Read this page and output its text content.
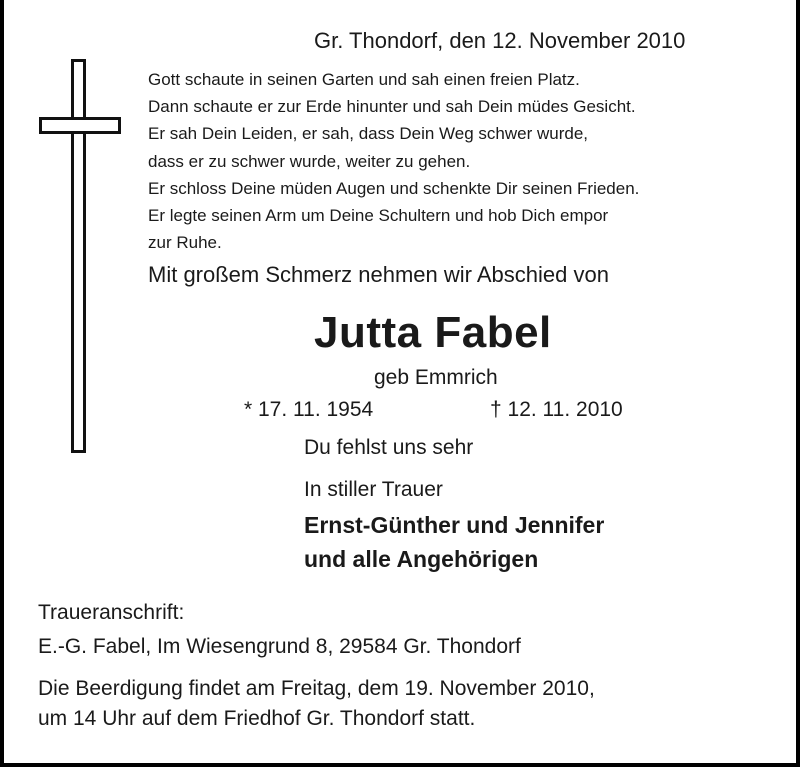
Gr. Thondorf, den 12. November 2010
Gott schaute in seinen Garten und sah einen freien Platz.
Dann schaute er zur Erde hinunter und sah Dein müdes Gesicht.
Er sah Dein Leiden, er sah, dass Dein Weg schwer wurde,
dass er zu schwer wurde, weiter zu gehen.
Er schloss Deine müden Augen und schenkte Dir seinen Frieden.
Er legte seinen Arm um Deine Schultern und hob Dich empor
zur Ruhe.
Mit großem Schmerz nehmen wir Abschied von
Jutta Fabel
geb Emmrich
* 17. 11. 1954	† 12. 11. 2010
Du fehlst uns sehr
In stiller Trauer
Ernst-Günther und Jennifer
und alle Angehörigen
Traueranschrift:
E.-G. Fabel, Im Wiesengrund 8, 29584 Gr. Thondorf
Die Beerdigung findet am Freitag, dem 19. November 2010,
um 14 Uhr auf dem Friedhof Gr. Thondorf statt.
